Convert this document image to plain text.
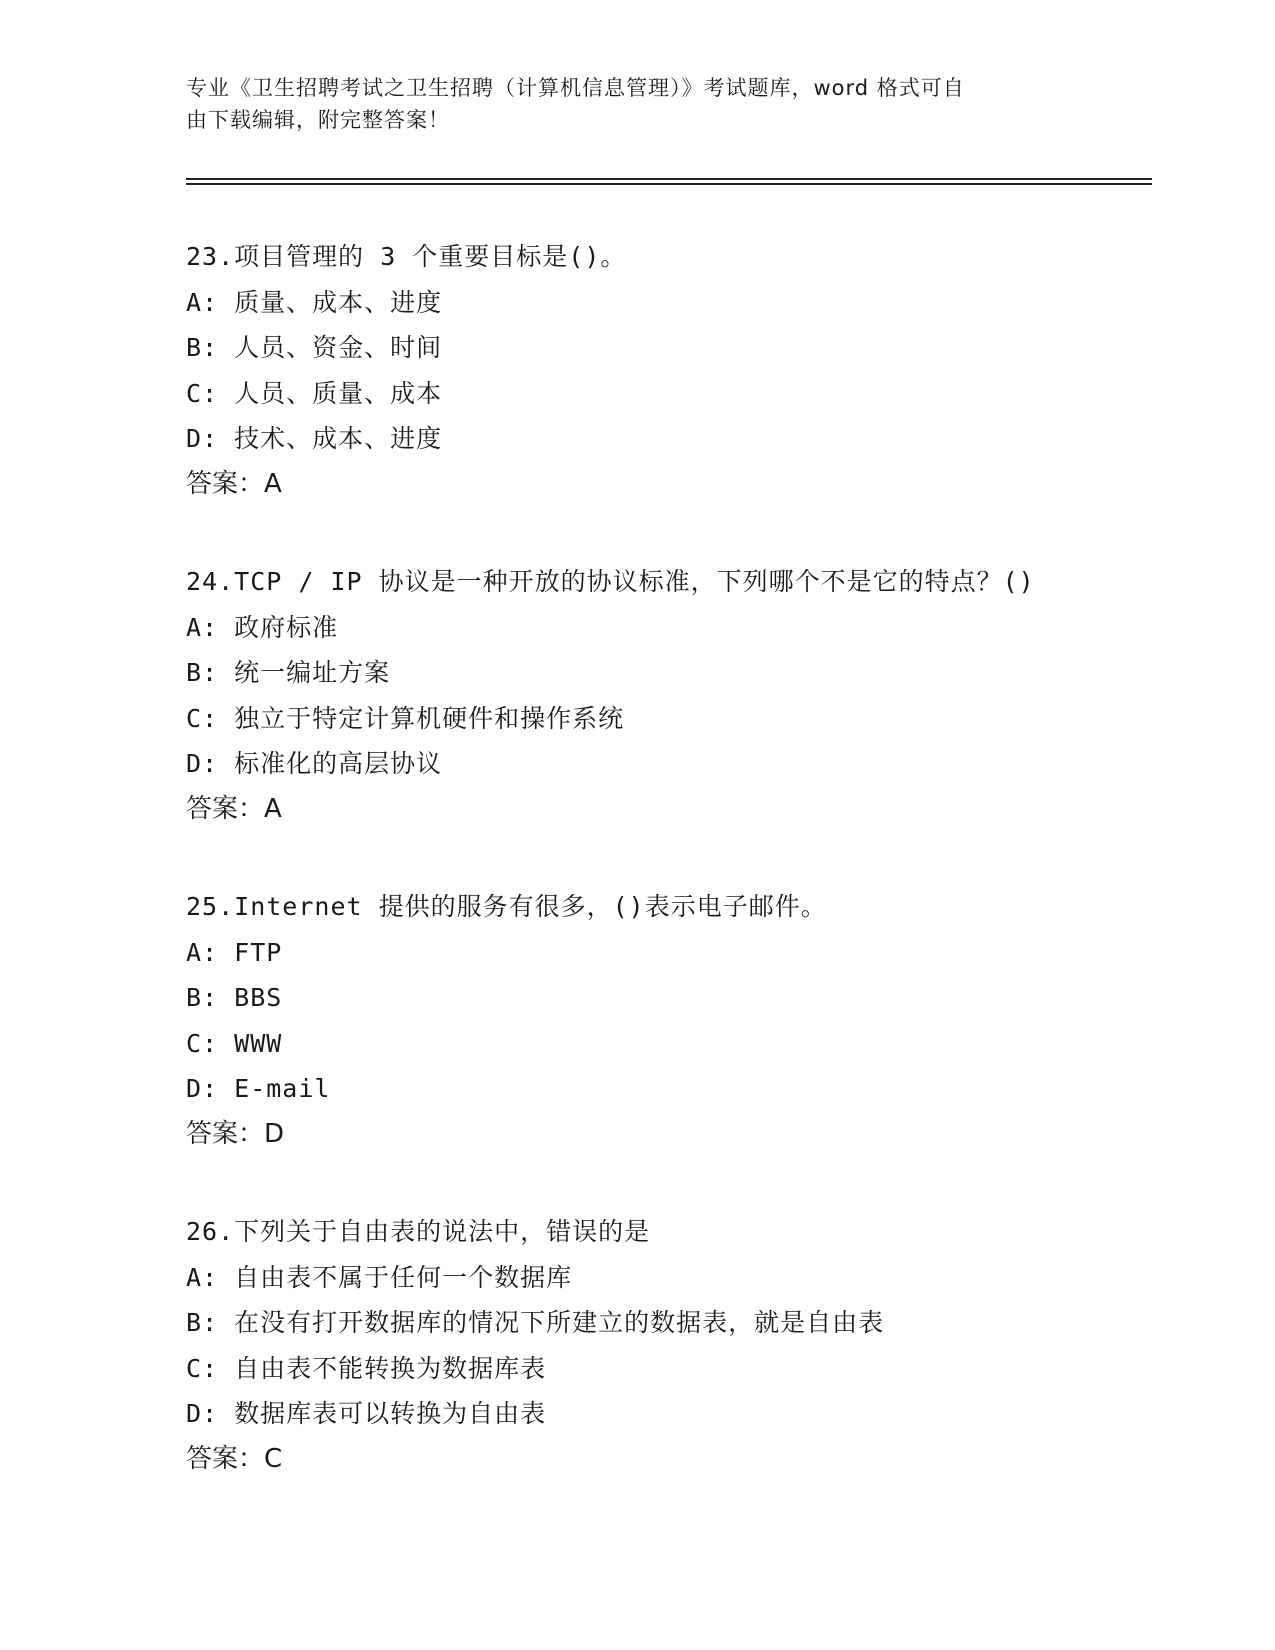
专业《卫生招聘考试之卫生招聘（计算机信息管理）》考试题库，word 格式可自
由下载编辑，附完整答案！
23.项目管理的 3 个重要目标是()。
A: 质量、成本、进度
B: 人员、资金、时间
C: 人员、质量、成本
D: 技术、成本、进度
答案：A
24.TCP / IP 协议是一种开放的协议标准，下列哪个不是它的特点？()
A: 政府标准
B: 统一编址方案
C: 独立于特定计算机硬件和操作系统
D: 标准化的高层协议
答案：A
25.Internet 提供的服务有很多，()表示电子邮件。
A: FTP
B: BBS
C: WWW
D: E-mail
答案：D
26.下列关于自由表的说法中，错误的是
A: 自由表不属于任何一个数据库
B: 在没有打开数据库的情况下所建立的数据表，就是自由表
C: 自由表不能转换为数据库表
D: 数据库表可以转换为自由表
答案：C
